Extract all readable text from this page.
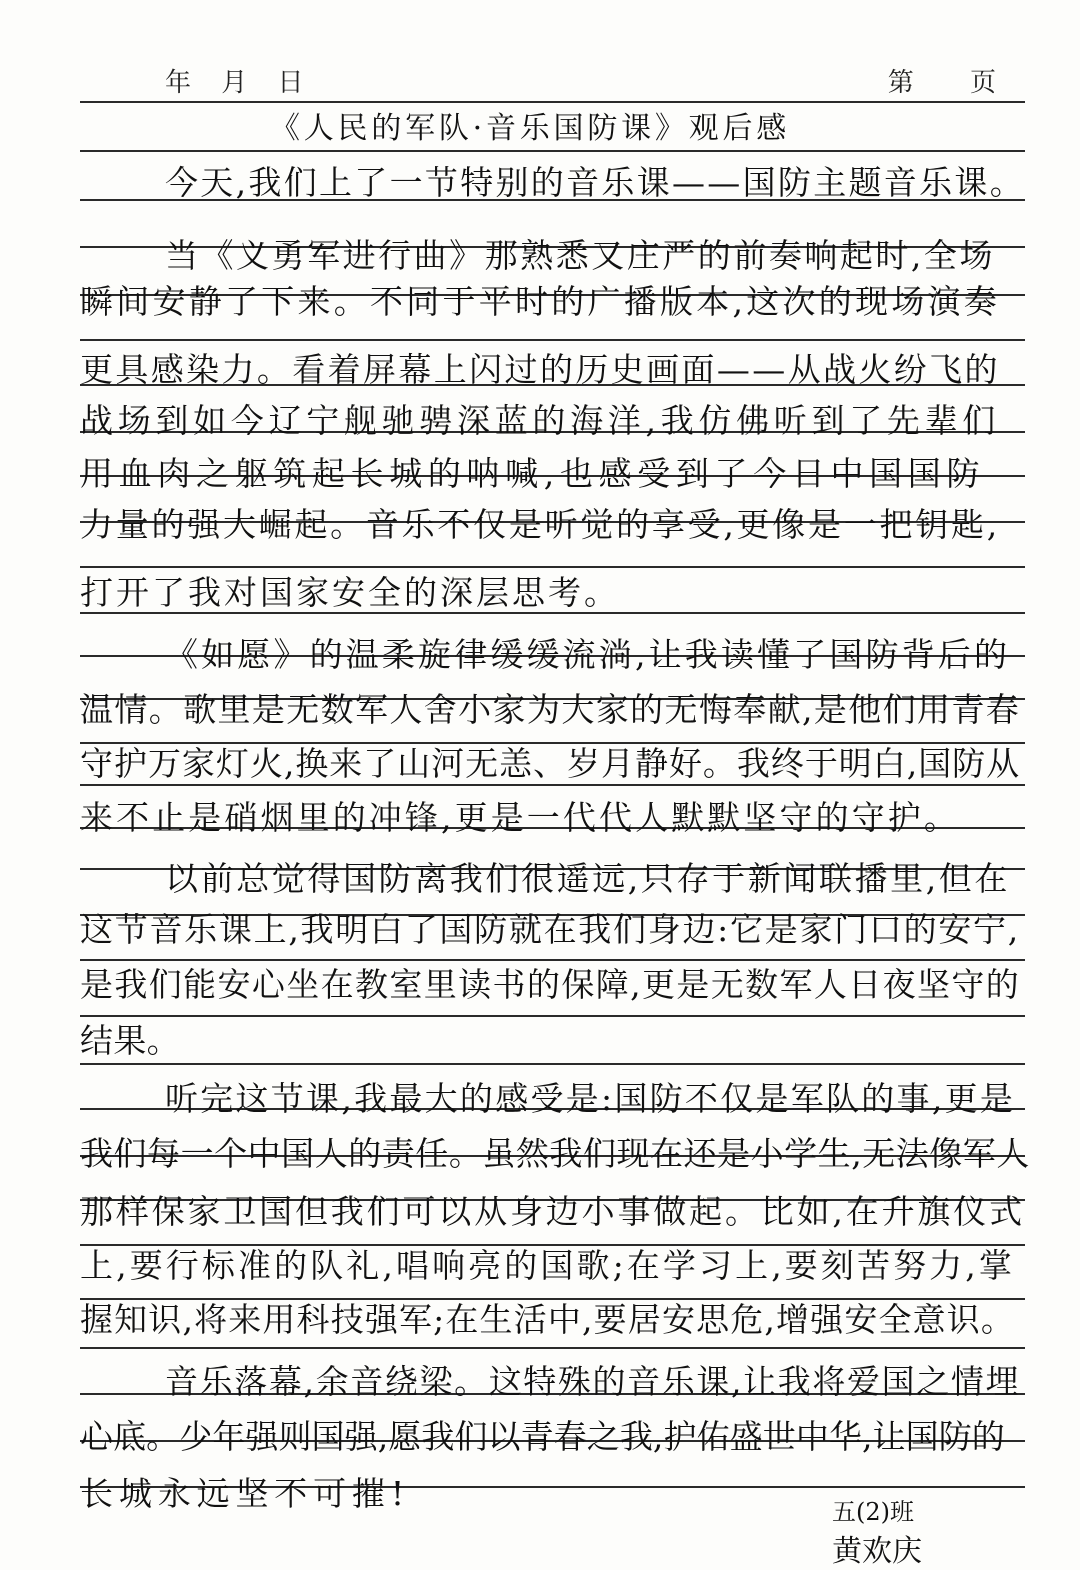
年 月 日	第 页
《人民的军队·音乐国防课》观后感
今天,我们上了一节特别的音乐课——国防主题音乐课。
当《义勇军进行曲》那熟悉又庄严的前奏响起时,全场
瞬间安静了下来。不同于平时的广播版本,这次的现场演奏
更具感染力。看着屏幕上闪过的历史画面——从战火纷飞的
战场到如今辽宁舰驰骋深蓝的海洋,我仿佛听到了先辈们
用血肉之躯筑起长城的呐喊,也感受到了今日中国国防
力量的强大崛起。音乐不仅是听觉的享受,更像是一把钥匙,
打开了我对国家安全的深层思考。
《如愿》的温柔旋律缓缓流淌,让我读懂了国防背后的
温情。歌里是无数军人舍小家为大家的无悔奉献,是他们用青春
守护万家灯火,换来了山河无恙、岁月静好。我终于明白,国防从
来不止是硝烟里的冲锋,更是一代代人默默坚守的守护。
以前总觉得国防离我们很遥远,只存于新闻联播里,但在
这节音乐课上,我明白了国防就在我们身边:它是家门口的安宁,
是我们能安心坐在教室里读书的保障,更是无数军人日夜坚守的
结果。
听完这节课,我最大的感受是:国防不仅是军队的事,更是
我们每一个中国人的责任。虽然我们现在还是小学生,无法像军人
那样保家卫国但我们可以从身边小事做起。比如,在升旗仪式
上,要行标准的队礼,唱响亮的国歌;在学习上,要刻苦努力,掌
握知识,将来用科技强军;在生活中,要居安思危,增强安全意识。
音乐落幕,余音绕梁。这特殊的音乐课,让我将爱国之情埋
心底。少年强则国强,愿我们以青春之我,护佑盛世中华,让国防的
长城永远坚不可摧!	五(2)班
黄欢庆
